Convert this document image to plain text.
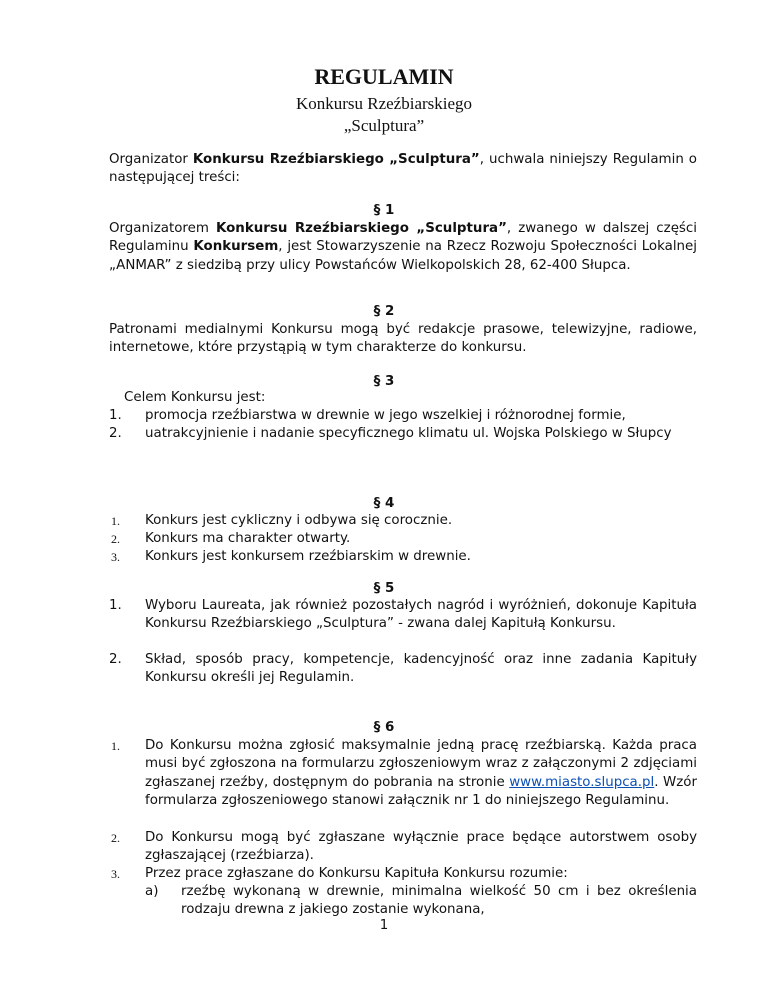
REGULAMIN
Konkursu Rzeźbiarskiego
„Sculptura”
Organizator Konkursu Rzeźbiarskiego „Sculptura”, uchwala niniejszy Regulamin o następującej treści:
§ 1
Organizatorem Konkursu Rzeźbiarskiego „Sculptura”, zwanego w dalszej części Regulaminu Konkursem, jest Stowarzyszenie na Rzecz Rozwoju Społeczności Lokalnej „ANMAR” z siedzibą przy ulicy Powstańców Wielkopolskich 28, 62-400 Słupca.
§ 2
Patronami medialnymi Konkursu mogą być redakcje prasowe, telewizyjne, radiowe, internetowe, które przystąpią w tym charakterze do konkursu.
§ 3
Celem Konkursu jest:
1.	promocja rzeźbiarstwa w drewnie w jego wszelkiej i różnorodnej formie,
2.	uatrakcyjnienie i nadanie specyficznego klimatu ul. Wojska Polskiego w Słupcy
§ 4
1.	Konkurs jest cykliczny i odbywa się corocznie.
2.	Konkurs ma charakter otwarty.
3.	Konkurs jest konkursem rzeźbiarskim w drewnie.
§ 5
1.	Wyboru Laureata, jak również pozostałych nagród i wyróżnień, dokonuje Kapituła Konkursu Rzeźbiarskiego „Sculptura” - zwana dalej Kapitułą Konkursu.
2.	Skład, sposób pracy, kompetencje, kadencyjność oraz inne zadania Kapituły Konkursu określi jej Regulamin.
§ 6
1.	Do Konkursu można zgłosić maksymalnie jedną pracę rzeźbiarską. Każda praca musi być zgłoszona na formularzu zgłoszeniowym wraz z załączonymi 2 zdjęciami zgłaszanej rzeźby, dostępnym do pobrania na stronie www.miasto.slupca.pl. Wzór formularza zgłoszeniowego stanowi załącznik nr 1 do niniejszego Regulaminu.
2.	Do Konkursu mogą być zgłaszane wyłącznie prace będące autorstwem osoby zgłaszającej (rzeźbiarza).
3.	Przez prace zgłaszane do Konkursu Kapituła Konkursu rozumie:
a) rzeźbę wykonaną w drewnie, minimalna wielkość 50 cm i bez określenia rodzaju drewna z jakiego zostanie wykonana,
1
